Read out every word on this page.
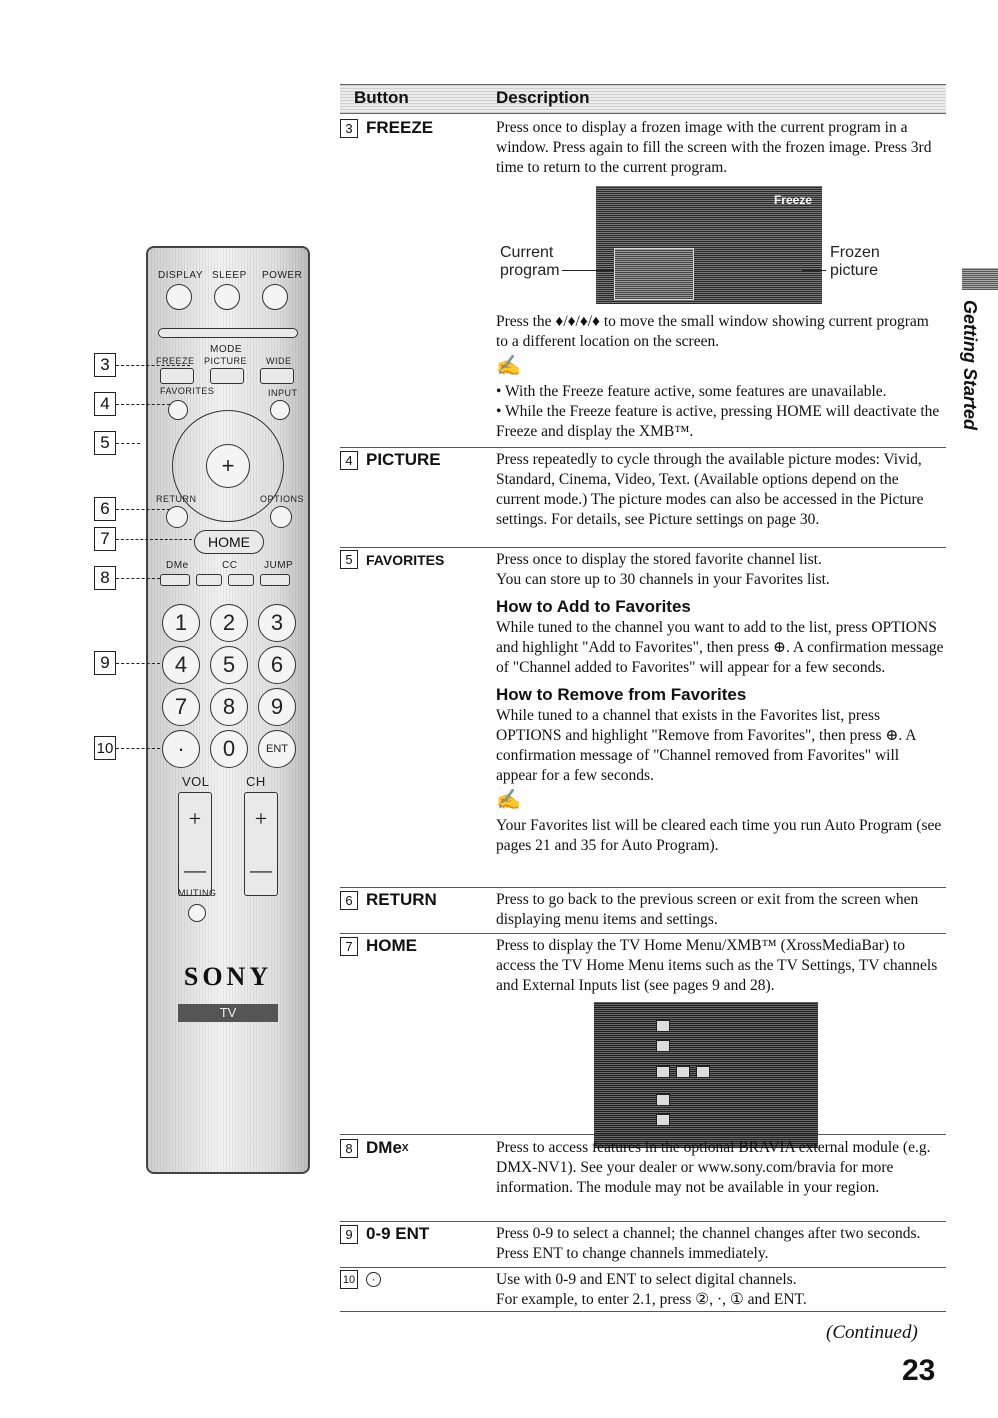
DISPLAY SLEEP POWER
MODE
FREEZE PICTURE WIDE
FAVORITES	INPUT
+
RETURN	OPTIONS
HOME
DMe	CC	JUMP
1	2	3
4	5	6
7	8	9
·	0	ENT
VOL	CH
+
—
+
—
MUTING
SONY
TV
3
4
5
6
7
8
9
10
Button	Description
3 FREEZE	Press once to display a frozen image with the current program in a window. Press again to fill the screen with the frozen image. Press 3rd time to return to the current program.

Freeze
Current program
Frozen picture

Press the ♦/♦/♦/♦ to move the small window showing current program to a different location on the screen.

✍

• With the Freeze feature active, some features are unavailable.

• While the Freeze feature is active, pressing HOME will deactivate the Freeze and display the XMB™.

4 PICTURE	Press repeatedly to cycle through the available picture modes: Vivid, Standard, Cinema, Video, Text. (Available options depend on the current mode.) The picture modes can also be accessed in the Picture settings. For details, see Picture settings on page 30.

5 FAVORITES	Press once to display the stored favorite channel list.

You can store up to 30 channels in your Favorites list.

How to Add to Favorites

While tuned to the channel you want to add to the list, press OPTIONS and highlight "Add to Favorites", then press ⊕. A confirmation message of "Channel added to Favorites" will appear for a few seconds.

How to Remove from Favorites

While tuned to a channel that exists in the Favorites list, press OPTIONS and highlight "Remove from Favorites", then press ⊕. A confirmation message of "Channel removed from Favorites" will appear for a few seconds.

✍

Your Favorites list will be cleared each time you run Auto Program (see pages 21 and 35 for Auto Program).

6 RETURN	Press to go back to the previous screen or exit from the screen when displaying menu items and settings.

7 HOME	Press to display the TV Home Menu/XMB™ (XrossMediaBar) to access the TV Home Menu items such as the TV Settings, TV channels and External Inputs list (see pages 9 and 28).

8 DMe X	Press to access features in the optional BRAVIA external module (e.g. DMX-NV1). See your dealer or www.sony.com/bravia for more information. The module may not be available in your region.

9 0-9 ENT	Press 0-9 to select a channel; the channel changes after two seconds. Press ENT to change channels immediately.

10	·	Use with 0-9 and ENT to select digital channels.

For example, to enter 2.1, press ②, ·, ① and ENT.

Getting Started
(Continued)
23
